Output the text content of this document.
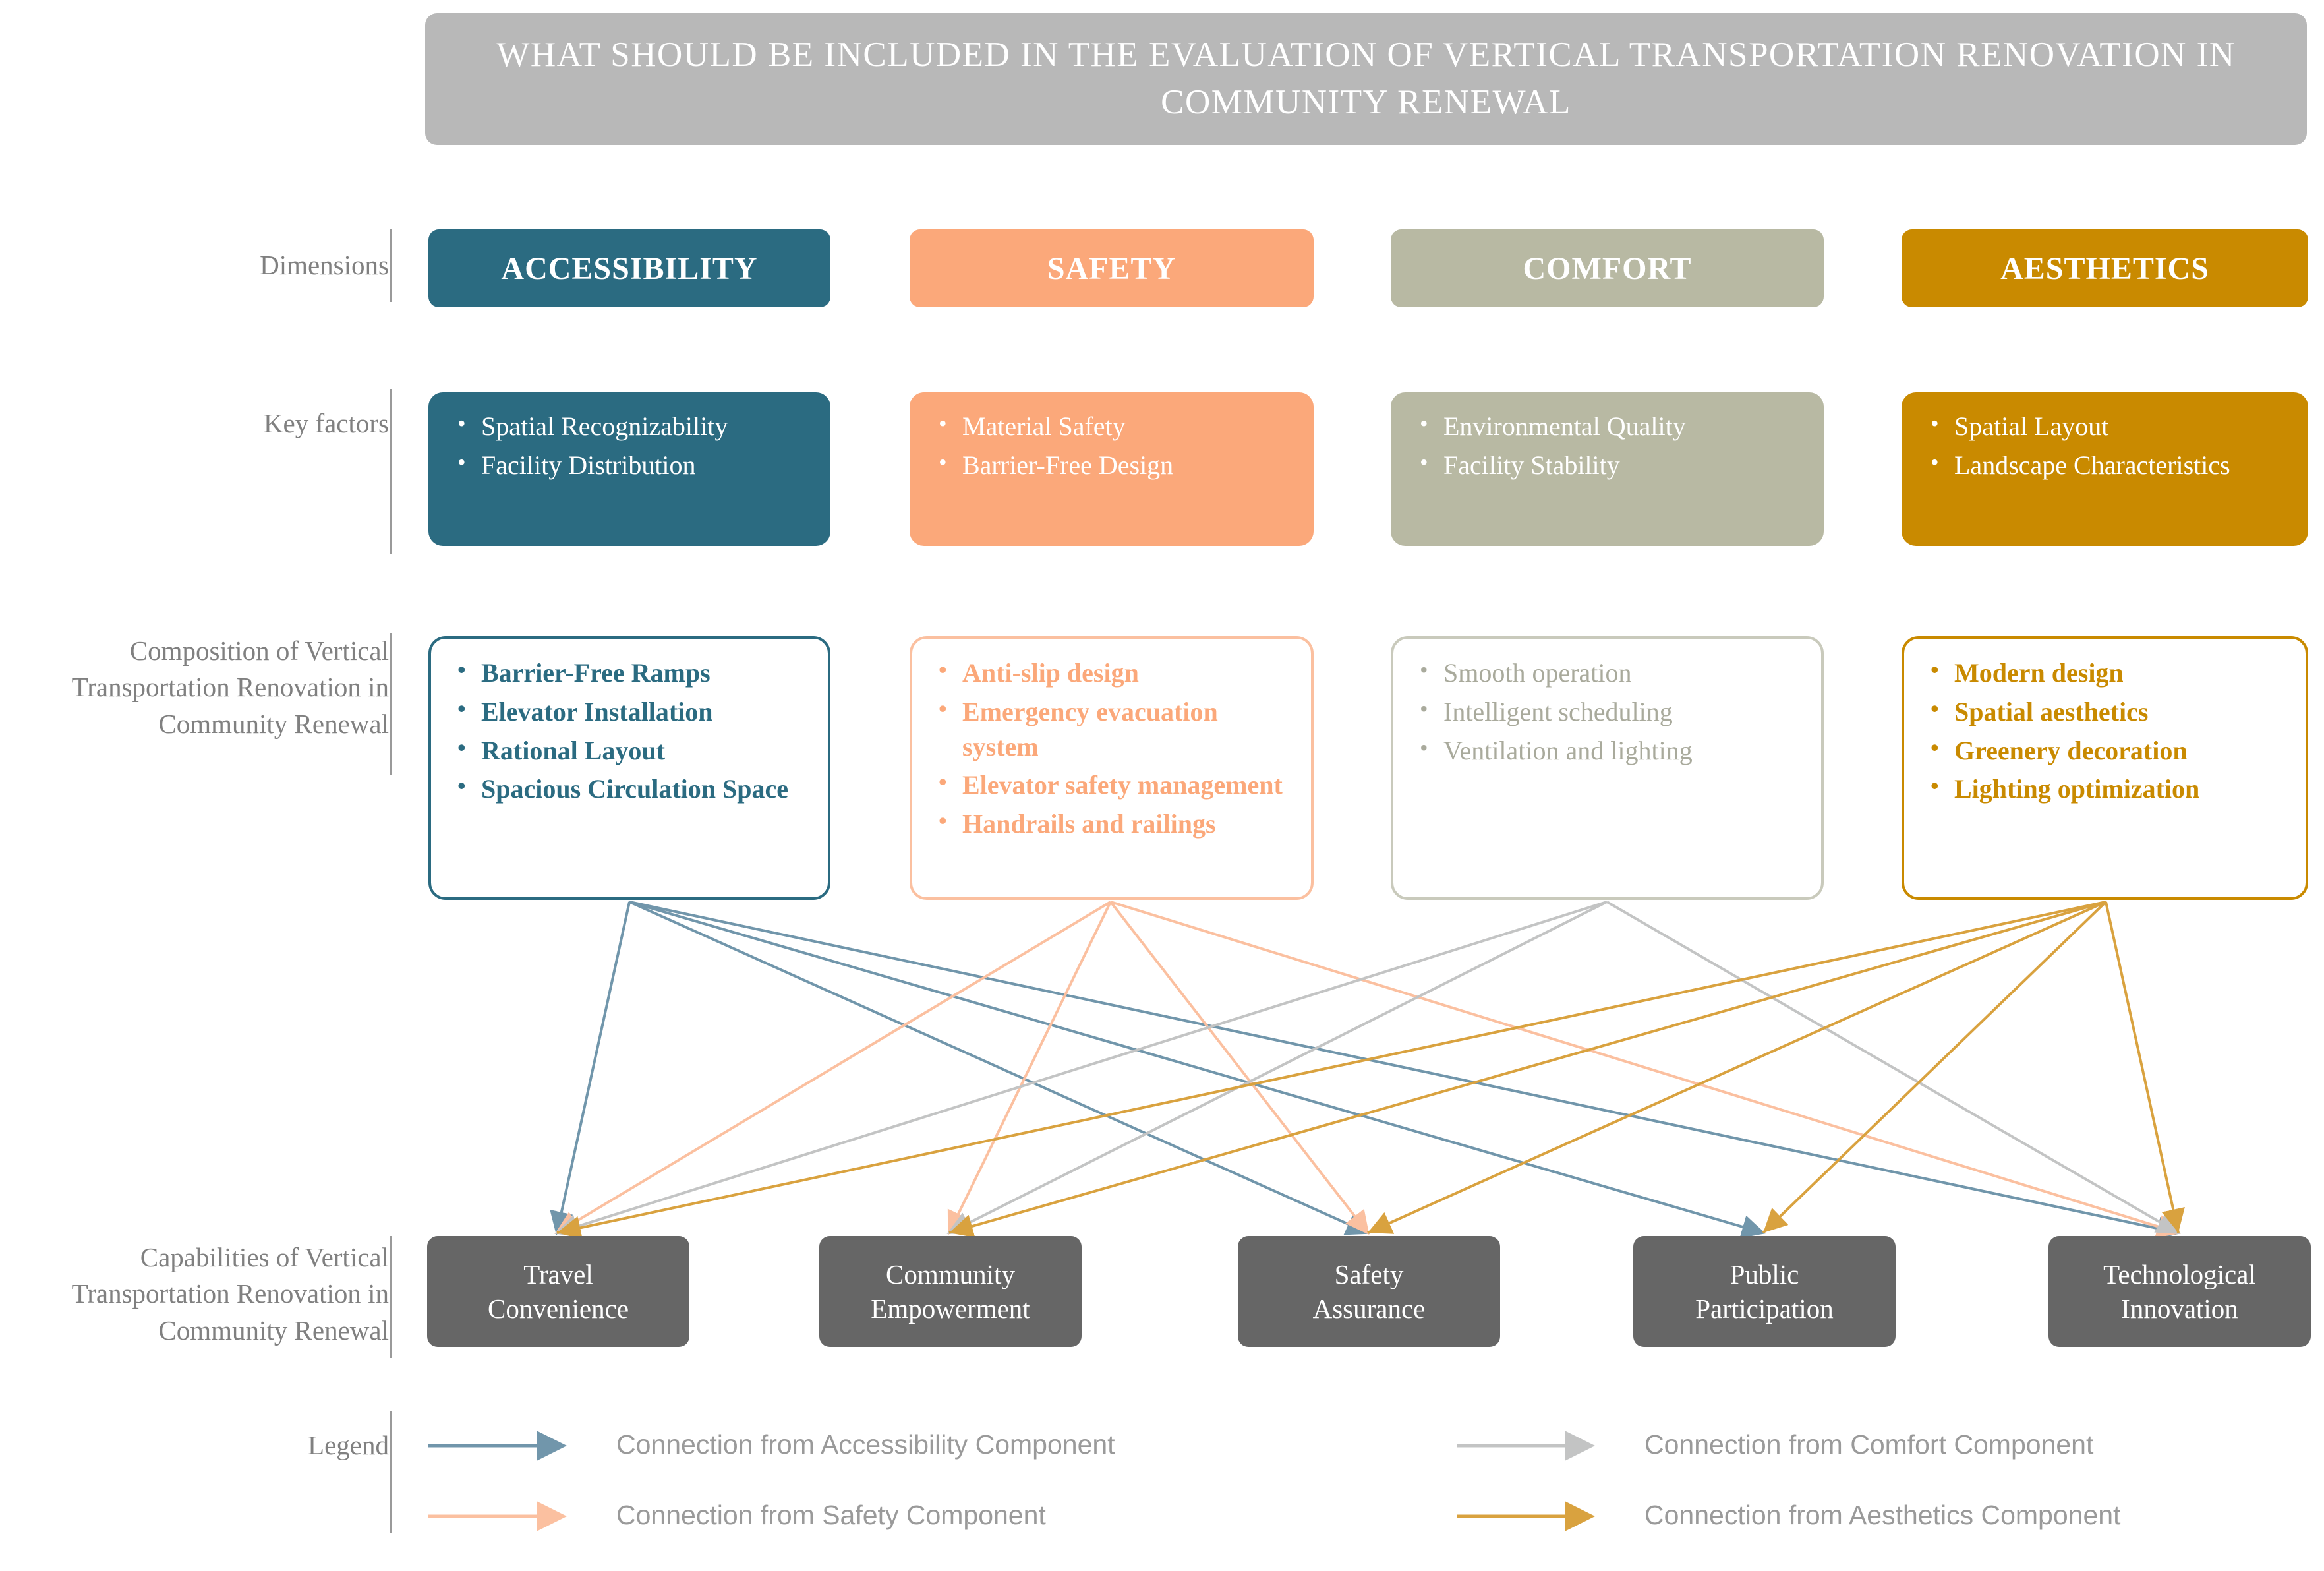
WHAT SHOULD BE INCLUDED IN THE EVALUATION OF VERTICAL TRANSPORTATION RENOVATION IN COMMUNITY RENEWAL
Dimensions
Key factors
Composition of Vertical Transportation Renovation in Community Renewal
Capabilities of Vertical Transportation Renovation in Community Renewal
Legend
ACCESSIBILITY	SAFETY	COMFORT	AESTHETICS
• Spatial Recognizability
• Facility Distribution
• Material Safety
• Barrier-Free Design
• Environmental Quality
• Facility Stability
• Spatial Layout
• Landscape Characteristics
• Barrier-Free Ramps
• Elevator Installation
• Rational Layout
• Spacious Circulation Space
• Anti-slip design
• Emergency evacuation system
• Elevator safety management
• Handrails and railings
• Smooth operation
• Intelligent scheduling
• Ventilation and lighting
• Modern design
• Spatial aesthetics
• Greenery decoration
• Lighting optimization
Travel
Convenience
Community
Empowerment
Safety
Assurance
Public
Participation
Technological
Innovation
Connection from Accessibility Component
Connection from Safety Component
Connection from Comfort Component
Connection from Aesthetics Component
